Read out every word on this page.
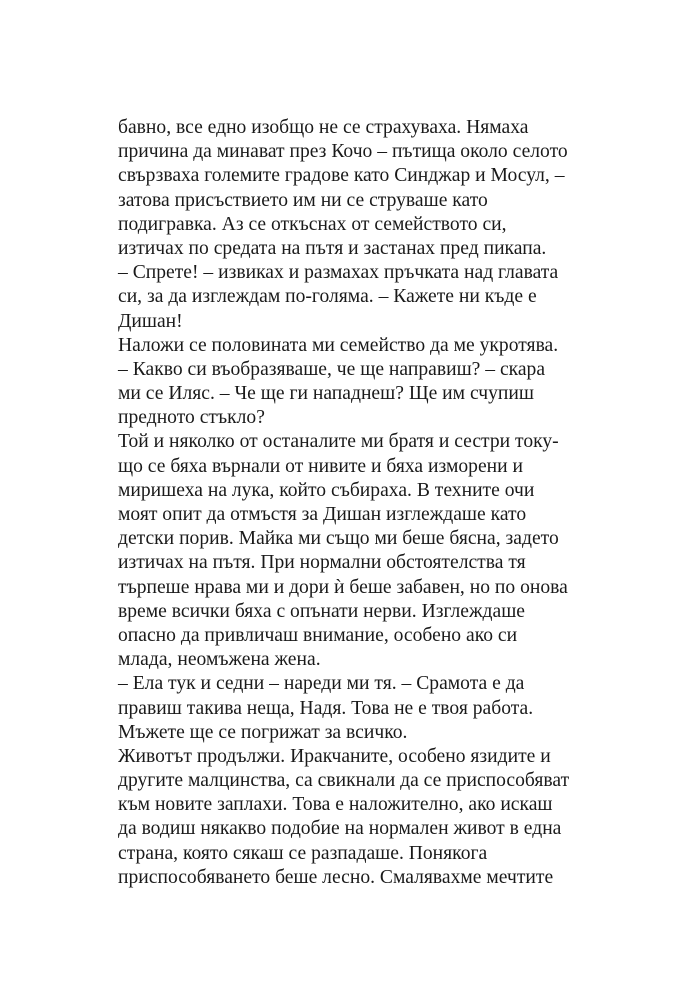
бавно, все едно изобщо не се страхуваха. Нямаха
причина да минават през Кочо – пътища около селото
свързваха големите градове като Синджар и Мосул, –
затова присъствието им ни се струваше като
подигравка. Аз се откъснах от семейството си,
изтичах по средата на пътя и застанах пред пикапа.
– Спрете! – извиках и размахах пръчката над главата
си, за да изглеждам по-голяма. – Кажете ни къде е
Дишан!
Наложи се половината ми семейство да ме укротява.
– Какво си въобразяваше, че ще направиш? – скара
ми се Иляс. – Че ще ги нападнеш? Ще им счупиш
предното стъкло?
Той и няколко от останалите ми братя и сестри току-
що се бяха върнали от нивите и бяха изморени и
миришеха на лука, който събираха. В техните очи
моят опит да отмъстя за Дишан изглеждаше като
детски порив. Майка ми също ми беше бясна, задето
изтичах на пътя. При нормални обстоятелства тя
търпеше нрава ми и дори ѝ беше забавен, но по онова
време всички бяха с опънати нерви. Изглеждаше
опасно да привличаш внимание, особено ако си
млада, неомъжена жена.
– Ела тук и седни – нареди ми тя. – Срамота е да
правиш такива неща, Надя. Това не е твоя работа.
Мъжете ще се погрижат за всичко.
Животът продължи. Иракчаните, особено язидите и
другите малцинства, са свикнали да се приспособяват
към новите заплахи. Това е наложително, ако искаш
да водиш някакво подобие на нормален живот в една
страна, която сякаш се разпадаше. Понякога
приспособяването беше лесно. Смалявахме мечтите
